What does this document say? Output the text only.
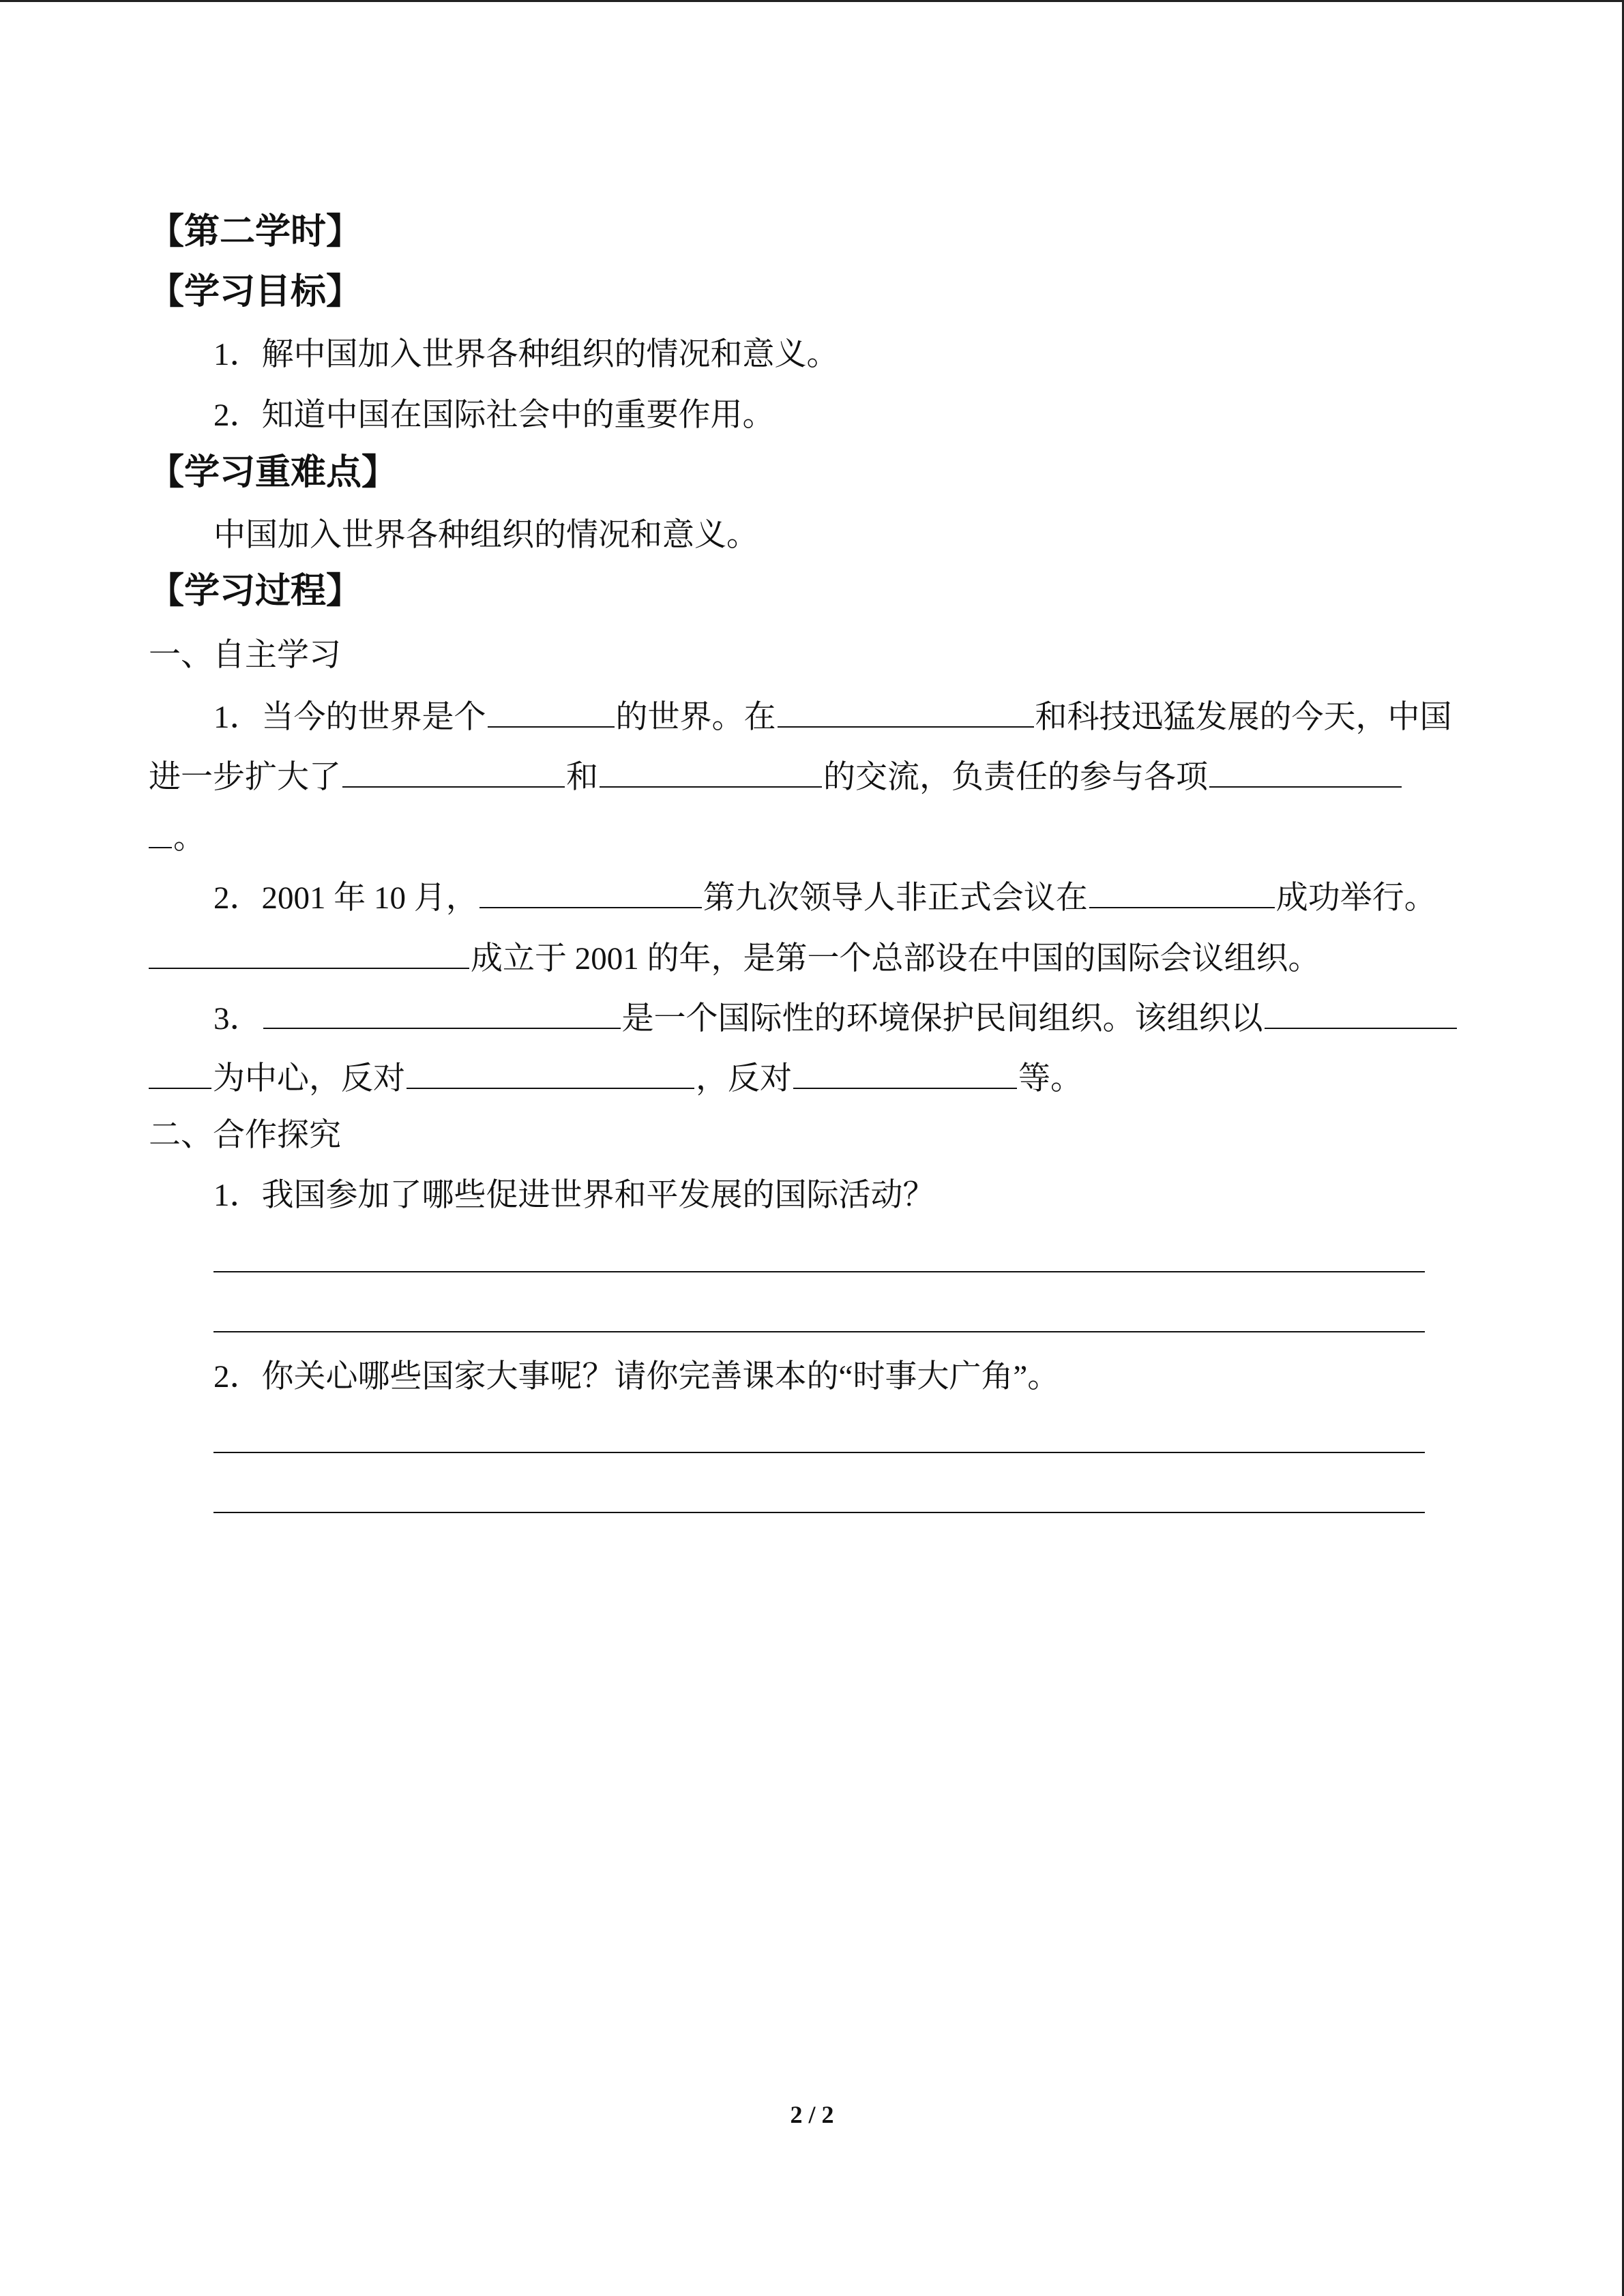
【第二学时】
【学习目标】
1．解中国加入世界各种组织的情况和意义。
2．知道中国在国际社会中的重要作用。
【学习重难点】
中国加入世界各种组织的情况和意义。
【学习过程】
一、自主学习
1．当今的世界是个	的世界。在	和科技迅猛发展的今天，中国
进一步扩大了	和	的交流，负责任的参与各项
。
2．2001 年 10 月，	第九次领导人非正式会议在	成功举行。
成立于 2001 的年，是第一个总部设在中国的国际会议组织。
3．	是一个国际性的环境保护民间组织。该组织以
为中心，反对	，反对	等。
二、合作探究
1．我国参加了哪些促进世界和平发展的国际活动？
2．你关心哪些国家大事呢？请你完善课本的“时事大广角”。
2 / 2
